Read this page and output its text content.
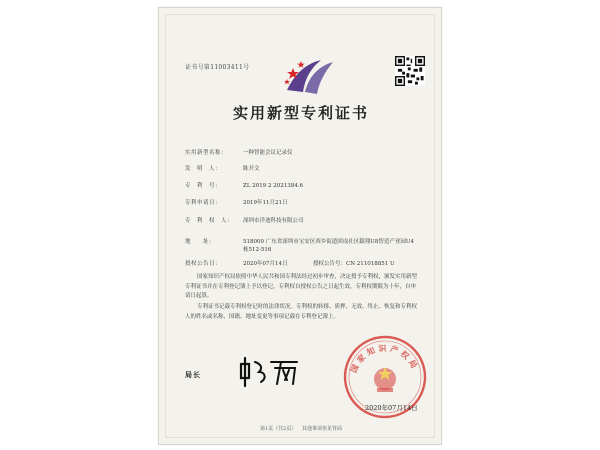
证书号第11003411号
实用新型专利证书
实用新型名称：	一种智能会议记录仪
发　明　人：	陈开文
专　利　号：	ZL 2019 2 2021384.6
专利申请日：	2019年11月21日
专　利　权　人： 深圳市洋迪科技有限公司
地　　址：	518000 广东省深圳市宝安区西乡街道固戍社区銀翔U8智造产业园U4栋512-516
授权公告日：	2020年07月14日	授权公告号：CN 211018851 U
国家知识产权局依照中华人民共和国专利法经过初步审查，决定授予专利权，颁发实用新型专利证书并在专利登记簿上予以登记。专利权自授权公告之日起生效。专利权期限为十年，自申请日起算。
专利证书记载专利权登记时的法律状况。专利权的转移、质押、无效、终止、恢复和专利权人的姓名或名称、国籍、地址变更等事项记载在专利登记簿上。
局长
国家知识产权局
2020年07月14日
第1页（共2页） 其他事项参见背面
